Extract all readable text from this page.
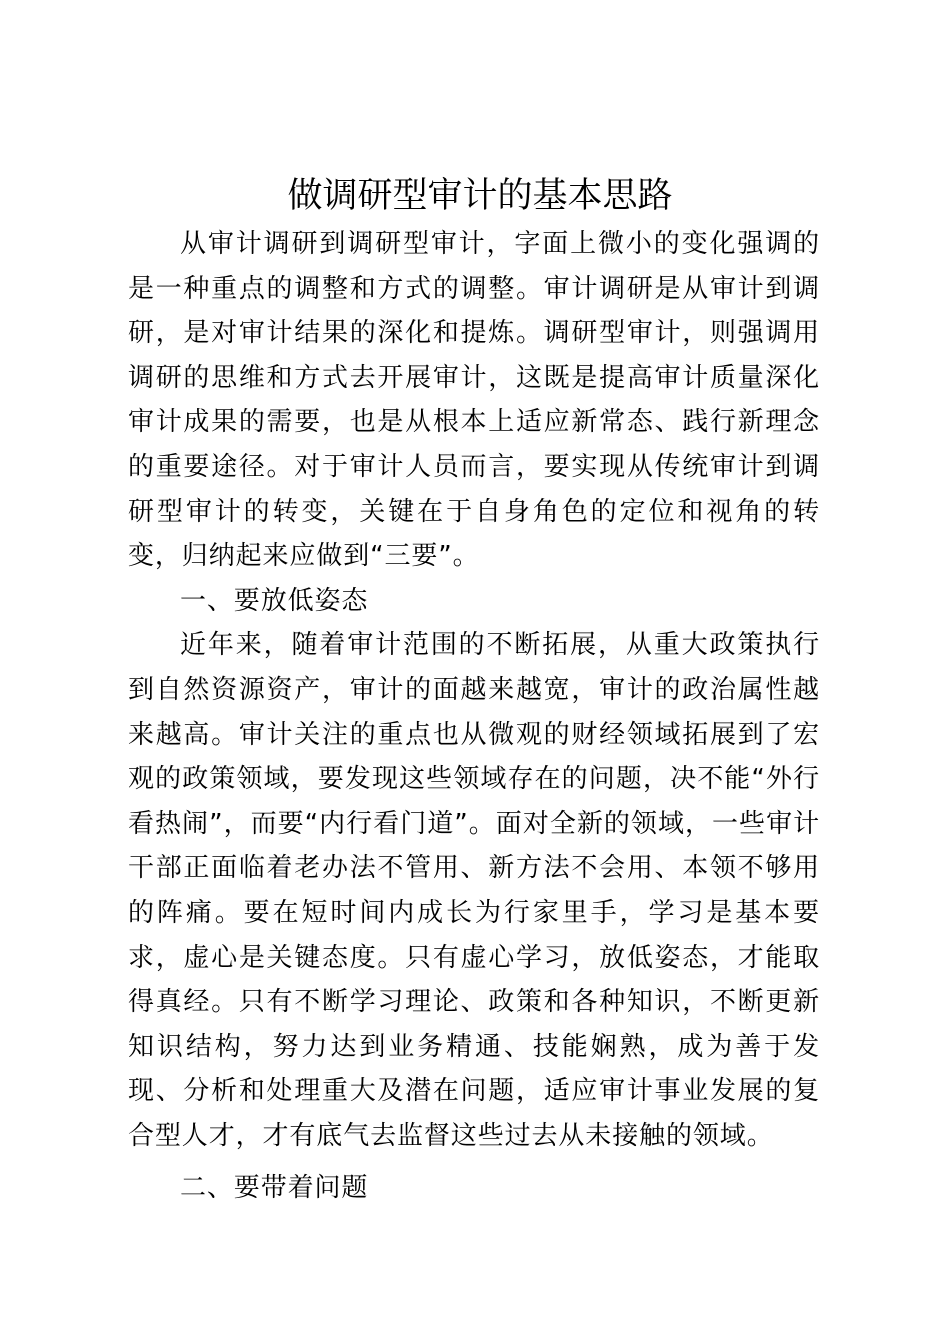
做调研型审计的基本思路

从审计调研到调研型审计，字面上微小的变化强调的是一种重点的调整和方式的调整。审计调研是从审计到调研，是对审计结果的深化和提炼。调研型审计，则强调用调研的思维和方式去开展审计，这既是提高审计质量深化审计成果的需要，也是从根本上适应新常态、践行新理念的重要途径。对于审计人员而言，要实现从传统审计到调研型审计的转变，关键在于自身角色的定位和视角的转变，归纳起来应做到“三要”。

一、要放低姿态

近年来，随着审计范围的不断拓展，从重大政策执行到自然资源资产，审计的面越来越宽，审计的政治属性越来越高。审计关注的重点也从微观的财经领域拓展到了宏观的政策领域，要发现这些领域存在的问题，决不能“外行看热闹”，而要“内行看门道”。面对全新的领域，一些审计干部正面临着老办法不管用、新方法不会用、本领不够用的阵痛。要在短时间内成长为行家里手，学习是基本要求，虚心是关键态度。只有虚心学习，放低姿态，才能取得真经。只有不断学习理论、政策和各种知识，不断更新知识结构，努力达到业务精通、技能娴熟，成为善于发现、分析和处理重大及潜在问题，适应审计事业发展的复合型人才，才有底气去监督这些过去从未接触的领域。

二、要带着问题
